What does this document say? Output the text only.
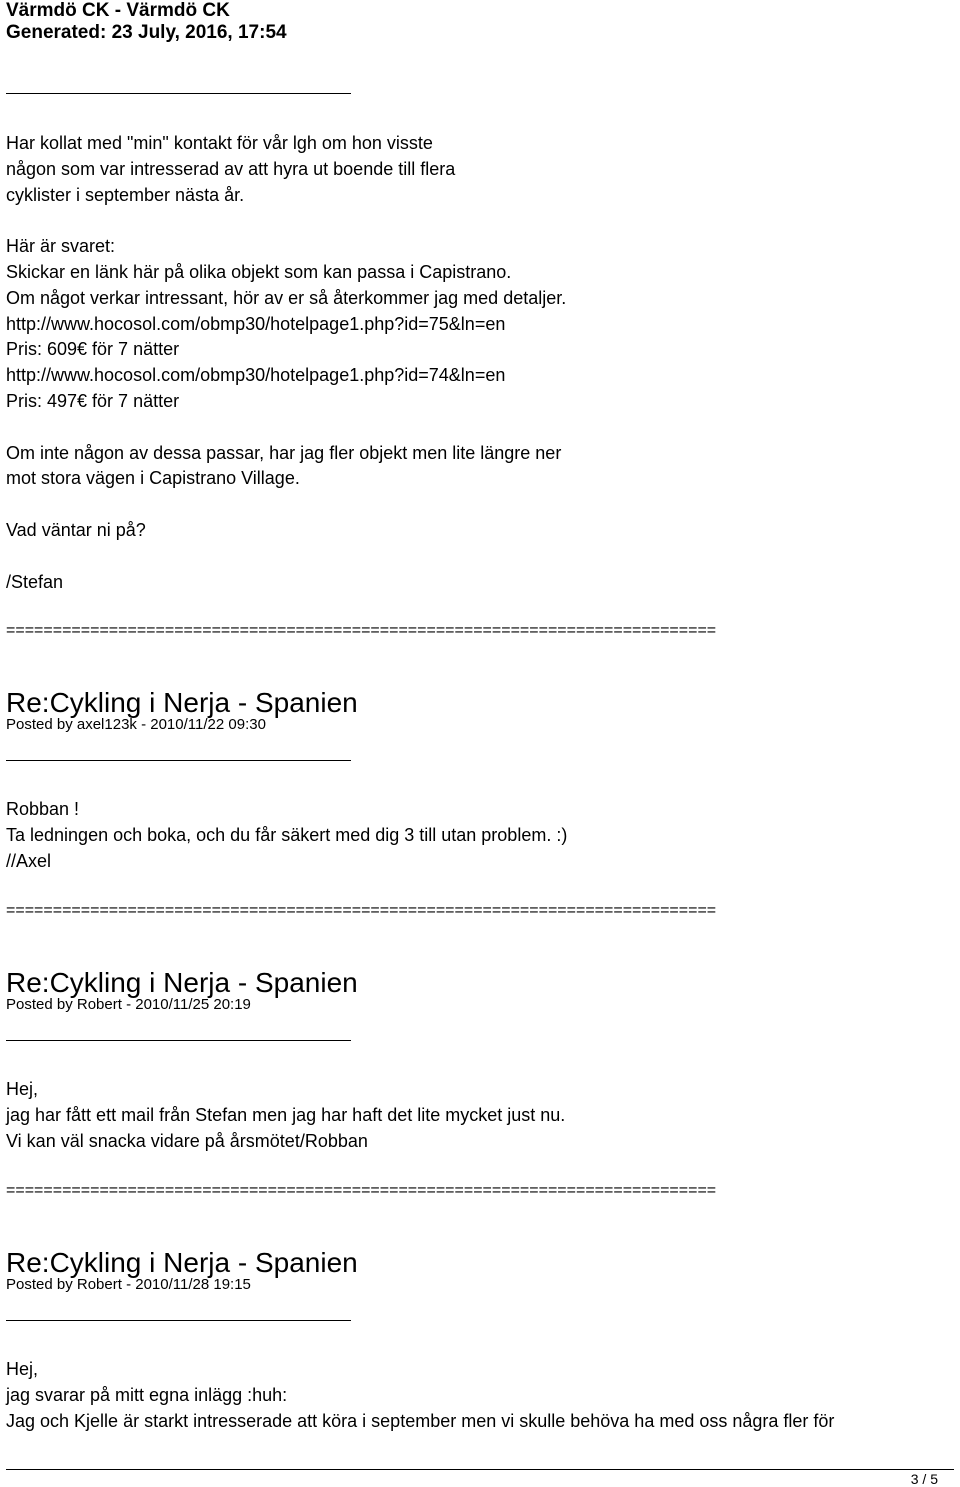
Värmdö CK - Värmdö CK
Generated: 23 July, 2016, 17:54
Har kollat med "min" kontakt för vår lgh om hon visste
någon som var intresserad av att hyra ut boende till flera
cyklister i september nästa år.
Här är svaret:
Skickar en länk här på olika objekt som kan passa i Capistrano.
Om något verkar intressant, hör av er så återkommer jag med detaljer.
http://www.hocosol.com/obmp30/hotelpage1.php?id=75&ln=en
Pris: 609€ för 7 nätter
http://www.hocosol.com/obmp30/hotelpage1.php?id=74&ln=en
Pris: 497€ för 7 nätter
Om inte någon av dessa passar, har jag fler objekt men lite längre ner
mot stora vägen i Capistrano Village.
Vad väntar ni på?
/Stefan
============================================================================
Re:Cykling i Nerja - Spanien
Posted by axel123k - 2010/11/22 09:30
Robban !
Ta ledningen och boka, och du får säkert med dig 3 till utan problem. :)
//Axel
============================================================================
Re:Cykling i Nerja - Spanien
Posted by Robert - 2010/11/25 20:19
Hej,
jag har fått ett mail från Stefan men jag har haft det lite mycket just nu.
Vi kan väl snacka vidare på årsmötet/Robban
============================================================================
Re:Cykling i Nerja - Spanien
Posted by Robert - 2010/11/28 19:15
Hej,
jag svarar på mitt egna inlägg :huh:
Jag och Kjelle är starkt intresserade att köra i september men vi skulle behöva ha med oss några fler för
3 / 5
